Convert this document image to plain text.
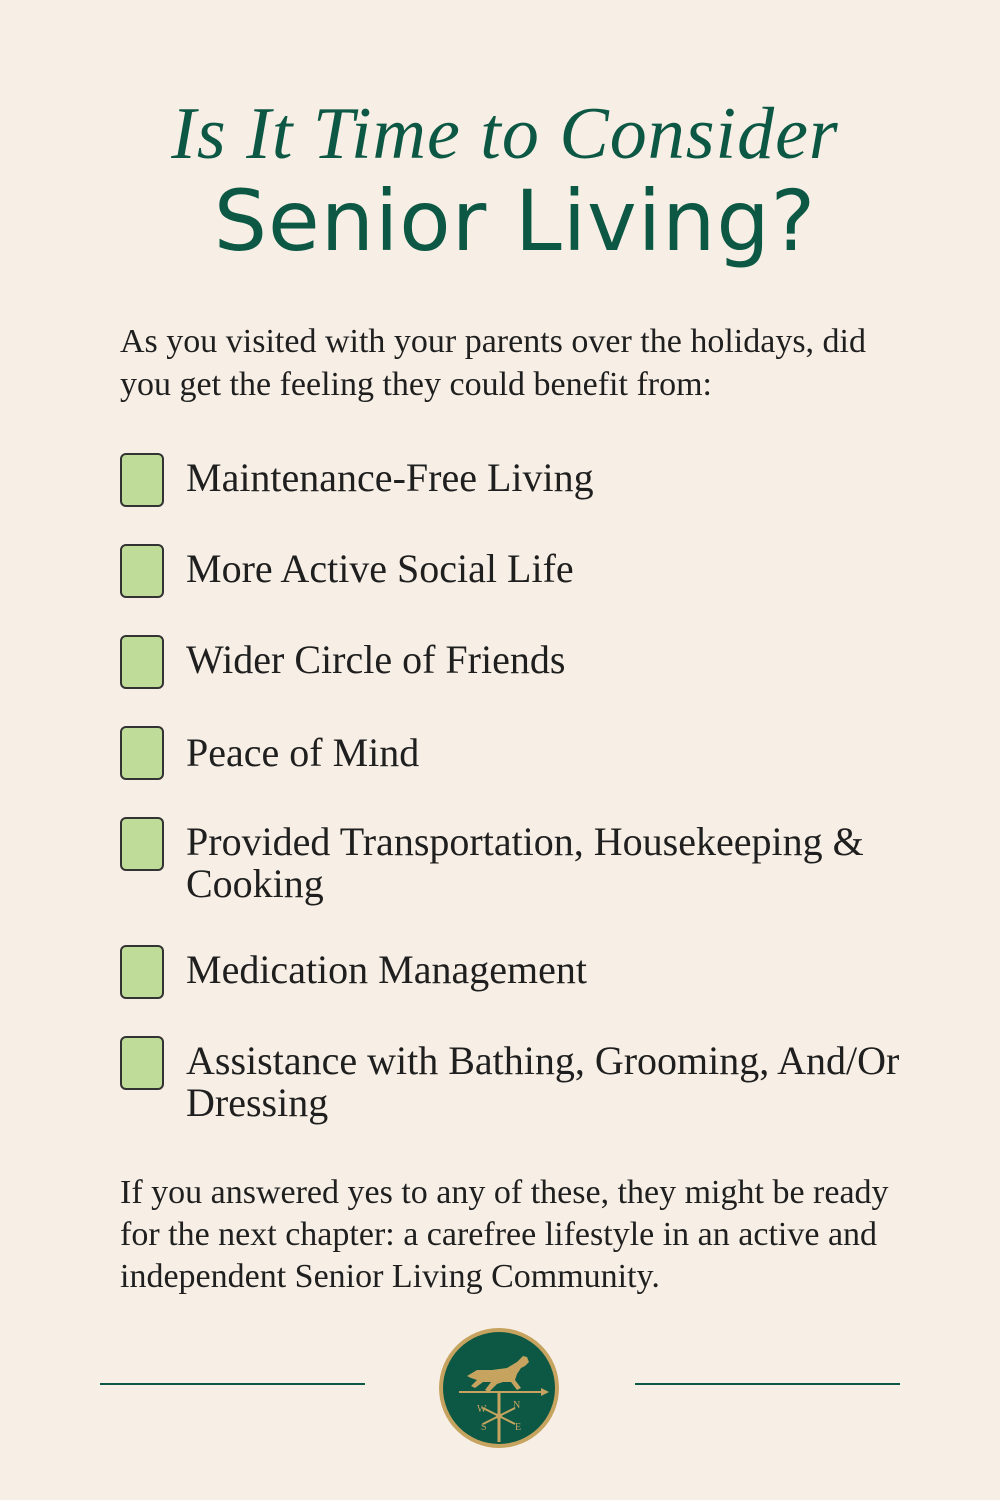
Is It Time to Consider
Senior Living?
As you visited with your parents over the holidays, did you get the feeling they could benefit from:
Maintenance-Free Living
More Active Social Life
Wider Circle of Friends
Peace of Mind
Provided Transportation, Housekeeping & Cooking
Medication Management
Assistance with Bathing, Grooming, And/Or Dressing
If you answered yes to any of these, they might be ready for the next chapter: a carefree lifestyle in an active and independent Senior Living Community.
W	N
S	E
